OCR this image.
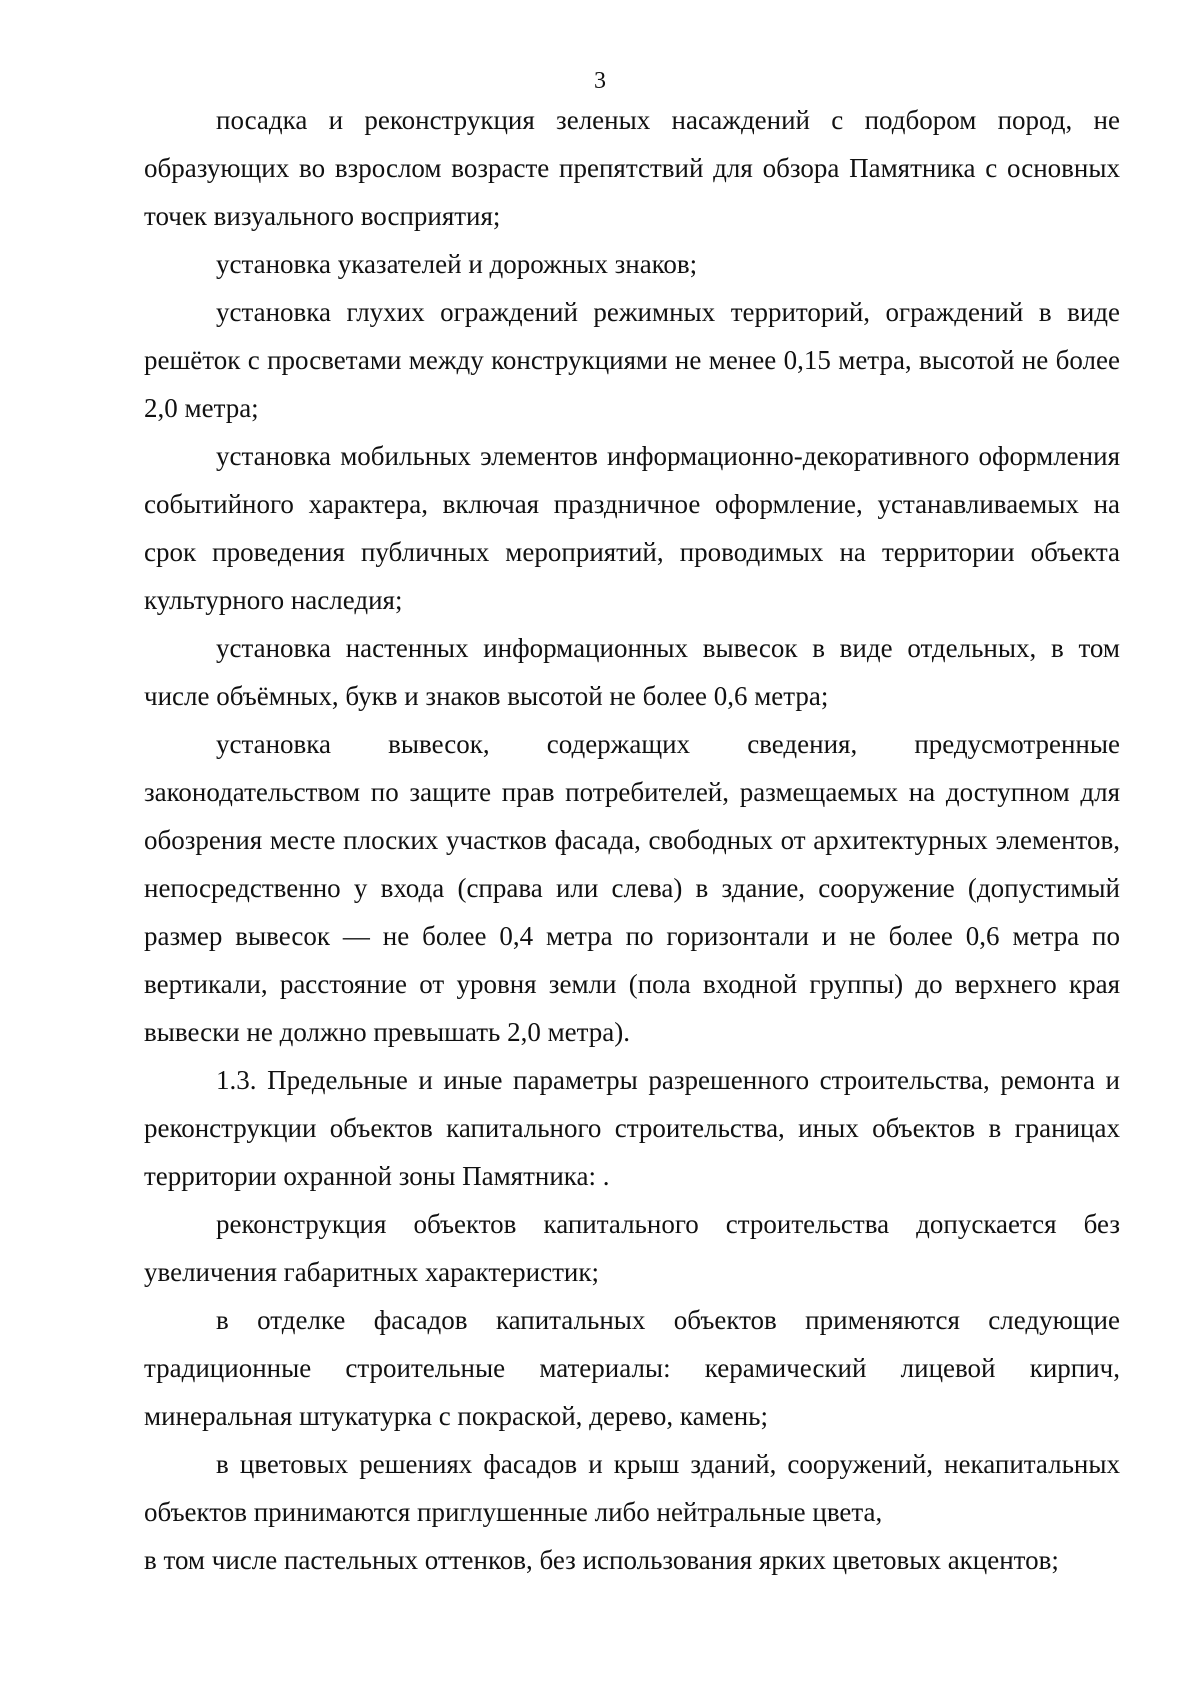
3

посадка и реконструкция зеленых насаждений с подбором пород, не образующих во взрослом возрасте препятствий для обзора Памятника с основных точек визуального восприятия;

установка указателей и дорожных знаков;

установка глухих ограждений режимных территорий, ограждений в виде решёток с просветами между конструкциями не менее 0,15 метра, высотой не более 2,0 метра;

установка мобильных элементов информационно-декоративного оформления событийного характера, включая праздничное оформление, устанавливаемых на срок проведения публичных мероприятий, проводимых на территории объекта культурного наследия;

установка настенных информационных вывесок в виде отдельных, в том числе объёмных, букв и знаков высотой не более 0,6 метра;

установка вывесок, содержащих сведения, предусмотренные законодательством по защите прав потребителей, размещаемых на доступном для обозрения месте плоских участков фасада, свободных от архитектурных элементов, непосредственно у входа (справа или слева) в здание, сооружение (допустимый размер вывесок — не более 0,4 метра по горизонтали и не более 0,6 метра по вертикали, расстояние от уровня земли (пола входной группы) до верхнего края вывески не должно превышать 2,0 метра).

1.3. Предельные и иные параметры разрешенного строительства, ремонта и реконструкции объектов капитального строительства, иных объектов в границах территории охранной зоны Памятника: .

реконструкция объектов капитального строительства допускается без увеличения габаритных характеристик;

в отделке фасадов капитальных объектов применяются следующие традиционные строительные материалы: керамический лицевой кирпич, минеральная штукатурка с покраской, дерево, камень;

в цветовых решениях фасадов и крыш зданий, сооружений, некапитальных объектов принимаются приглушенные либо нейтральные цвета,

в том числе пастельных оттенков, без использования ярких цветовых акцентов;
